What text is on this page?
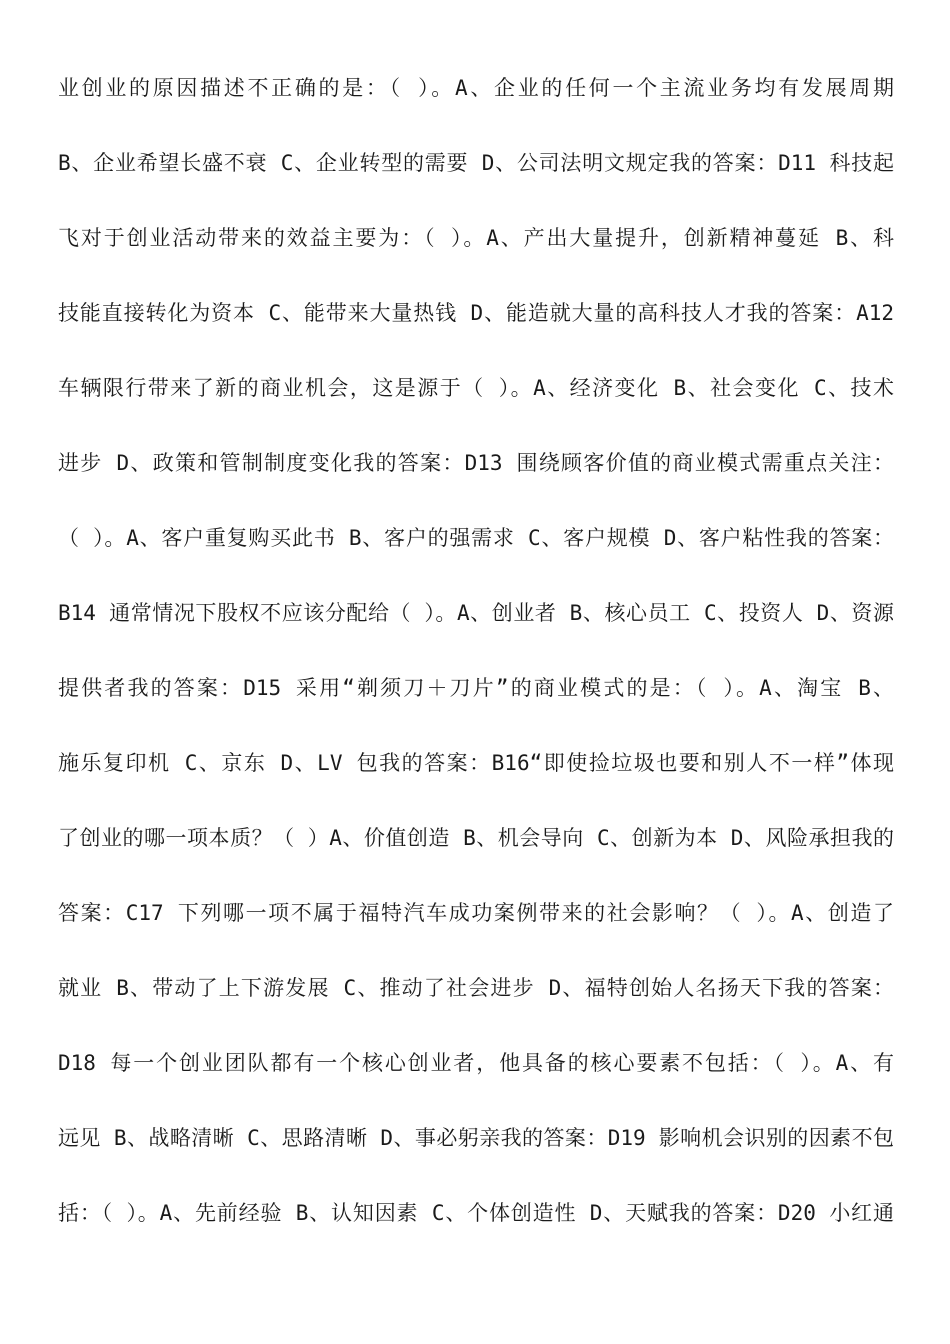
业创业的原因描述不正确的是：（ ）。A、企业的任何一个主流业务均有发展周期
B、企业希望长盛不衰 C、企业转型的需要 D、公司法明文规定我的答案：D11 科技起
飞对于创业活动带来的效益主要为：（ ）。A、产出大量提升，创新精神蔓延 B、科
技能直接转化为资本 C、能带来大量热钱 D、能造就大量的高科技人才我的答案：A12
车辆限行带来了新的商业机会，这是源于（ ）。A、经济变化 B、社会变化 C、技术
进步 D、政策和管制制度变化我的答案：D13 围绕顾客价值的商业模式需重点关注：
（ ）。A、客户重复购买此书 B、客户的强需求 C、客户规模 D、客户粘性我的答案：
B14 通常情况下股权不应该分配给（ ）。A、创业者 B、核心员工 C、投资人 D、资源
提供者我的答案：D15 采用“剃须刀＋刀片”的商业模式的是：（ ）。A、淘宝 B、
施乐复印机 C、京东 D、LV 包我的答案：B16“即使捡垃圾也要和别人不一样”体现
了创业的哪一项本质？（ ）A、价值创造 B、机会导向 C、创新为本 D、风险承担我的
答案：C17 下列哪一项不属于福特汽车成功案例带来的社会影响？（ ）。A、创造了
就业 B、带动了上下游发展 C、推动了社会进步 D、福特创始人名扬天下我的答案：
D18 每一个创业团队都有一个核心创业者，他具备的核心要素不包括：（ ）。A、有
远见 B、战略清晰 C、思路清晰 D、事必躬亲我的答案：D19 影响机会识别的因素不包
括：（ ）。A、先前经验 B、认知因素 C、个体创造性 D、天赋我的答案：D20 小红通
